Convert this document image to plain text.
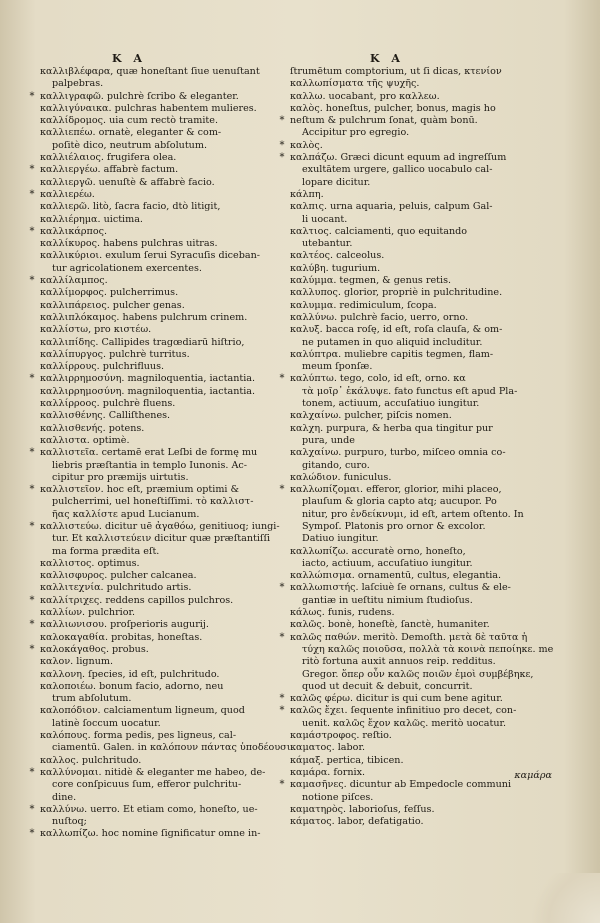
K A	K A
καλλιβλέφαρα, quæ honeſtant ſiue uenuſtant
palpebras.
* καλλιγραφῶ. pulchrè ſcribo & eleganter.
καλλιγύναικα. pulchras habentem mulieres.
καλλίδρομος. uia cum rectò tramite.
καλλιεπέω. ornatè, eleganter & com-
poſitè dico, neutrum abſolutum.
καλλιέλαιος. frugifera olea.
* καλλιεργέω. affabrè factum.
καλλιεργῶ. uenuſtè & affabrè facio.
* καλλιερέω.
καλλιερῶ. litò, ſacra facio, dtò litigit,
καλλιέρημα. uictima.
* καλλικάρπος.
καλλίκυρος. habens pulchras uitras.
καλλικύριοι. exulum ſerui Syracuſis diceban-
tur agricolationem exercentes.
* καλλίλαμπος.
καλλίμορφος. pulcherrimus.
καλλιπάρειος. pulcher genas.
καλλιπλόκαμος. habens pulchrum crinem.
καλλίστω, pro κιστέω.
καλλιπίδης. Callipides tragœdiarū hiſtrio,
καλλίπυργος. pulchrè turritus.
καλλίρρους. pulchrifluus.
* καλλιρρημοσύνη. magniloquentia, iactantia.
καλλιρρημοσύνη. magniloquentia, iactantia.
καλλίρροος. pulchrè fluens.
καλλισθένης. Calliſthenes.
καλλισθενής. potens.
καλλιστα. optimè.
* καλλιστεῖα. certamē erat Leſbi de formę mu
liebris præſtantia in templo Iunonis. Ac-
cipitur pro præmijs uirtutis.
* καλλιστεῖον. hoc eſt, præmium optimi &
pulcherrimi, uel honeſtiſſimi. τὸ καλλιστ-
ῆας καλλίστε apud Lucianum.
* καλλιστεύω. dicitur uē ἀγαθόω, genitiuoq; iungi-
tur. Et καλλιστεύειν dicitur quæ præſtantiſſi
ma forma prædita eſt.
καλλιστος. optimus.
καλλισφυρος. pulcher calcanea.
καλλιτεχνία. pulchritudo artis.
* καλλίτριχες. reddens capillos pulchros.
καλλίων. pulchrior.
* καλλιωνισου. proſperioris augurij.
καλοκαγαθία. probitas, honeſtas.
* καλοκάγαθος. probus.
καλον. lignum.
καλλονη. ſpecies, id eſt, pulchritudo.
καλοποιέω. bonum facio, adorno, neu
trum abſolutum.
καλοπόδιον. calciamentum ligneum, quod
latinè ſoccum uocatur.
καλόπους. forma pedis, pes ligneus, cal-
ciamentū. Galen. in καλόπουν πάντας ὑποδέουσι.
καλλος. pulchritudo.
* καλλύνομαι. nitidè & eleganter me habeo, de-
core conſpicuus ſum, efferor pulchritu-
dine.
* καλλύνω. uerro. Et etiam como, honeſto, ue-
nuſtoq;
* καλλωπίζω. hoc nomine ſignificatur omne in-
ſtrumētum comptorium, ut ſi dicas, κτενίον
καλλωπίσματα τῆς ψυχῆς.
καλλω. uocabant, pro καλλεω.
καλὸς. honeſtus, pulcher, bonus, magis ho
* neſtum & pulchrum ſonat, quàm bonū.
Accipitur pro egregio.
* καλὸς.
* καλπάζω. Græci dicunt equum ad ingreſſum
exultātem urgere, gallico uocabulo cal-
lopare dicitur.
κάλπη.
καλπις. urna aquaria, peluis, calpum Gal-
li uocant.
καλτιος. calciamenti, quo equitando
utebantur.
καλτέος. calceolus.
καλύβη. tugurium.
καλύμμα. tegmen, & genus retis.
καλλυπος. glorior, propriè in pulchritudine.
καλυμμα. redimiculum, ſcopa.
καλλύνω. pulchrè facio, uerro, orno.
καλυξ. bacca roſę, id eſt, roſa clauſa, & om-
ne putamen in quo aliquid includitur.
καλύπτρα. muliebre capitis tegmen, flam-
meum ſponſæ.
* καλύπτω. tego, colo, id eſt, orno. κα
τὰ μοῖρ᾽ ἐκάλυψε. fato functus eſt apud Pla-
tonem, actiuum, accuſatiuo iungitur.
καλχαίνω. pulcher, piſcis nomen.
καλχη. purpura, & herba qua tingitur pur
pura, unde
καλχαίνω. purpuro, turbo, miſceo omnia co-
gitando, curo.
καλώδιον. funiculus.
* καλλωπίζομαι. efferor, glorior, mihi placeo,
plauſum & gloria capto atq; aucupor. Po
nitur, pro ἐνδείκνυμι, id eſt, artem oſtento. In
Sympoſ. Platonis pro ornor & excolor.
Datiuo iungitur.
καλλωπίζω. accuratè orno, honeſto,
iacto, actiuum, accuſatiuo iungitur.
καλλώπισμα. ornamentū, cultus, elegantia.
* καλλωπιστής. laſciuè ſe ornans, cultus & ele-
gantiæ in ueſtitu nimium ſtudioſus.
κάλως. funis, rudens.
καλῶς. bonè, honeſtè, ſanctè, humaniter.
* καλῶς παθών. meritò. Demoſth. μετὰ δὲ ταῦτα ἡ
τύχη καλῶς ποιοῦσα, πολλὰ τὰ κοινὰ πεποίηκε. me
ritò fortuna auxit annuos reip. redditus.
Gregor. ὅπερ οὖν καλῶς ποιῶν ἐμοὶ συμβέβηκε,
quod ut decuit & debuit, concurrit.
* καλῶς φέρω. dicitur is qui cum bene agitur.
* καλῶς ἔχει. ſequente infinitiuo pro decet, con-
uenit. καλῶς ἔχον καλῶς. meritò uocatur.
καμάστροφος. reſtio.
καματος. labor.
κάμαξ. pertica, tibicen.
καμάρα. fornix.
* καμασῆνες. dicuntur ab Empedocle communi
notione piſces.
καματηρὸς. laborioſus, feſſus.
κάματος. labor, defatigatio.
καμάρα
